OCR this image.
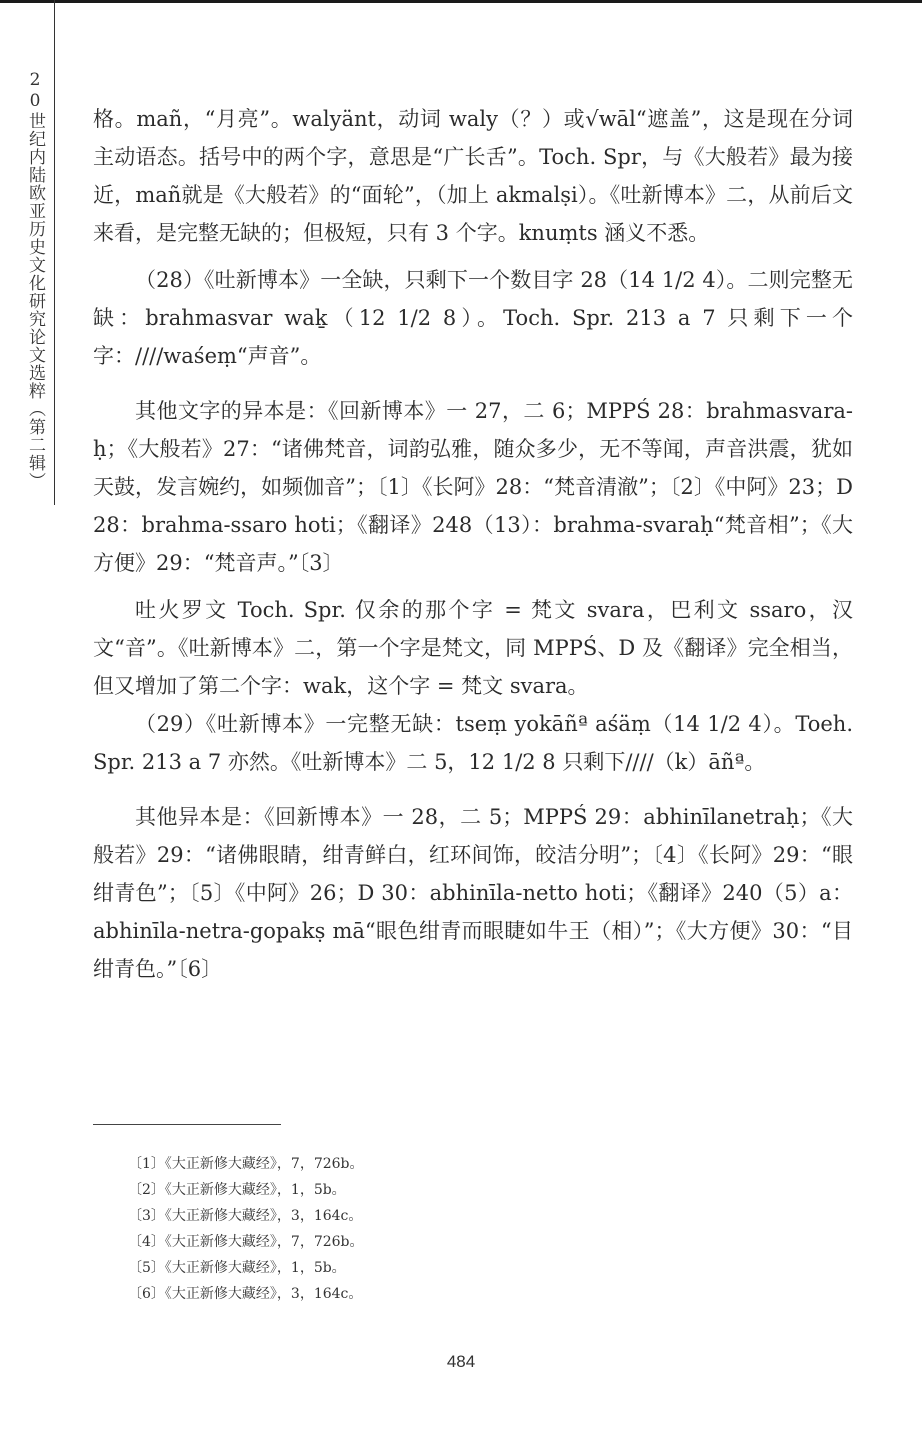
20世纪内陆欧亚历史文化研究论文选粹（第二辑） 格。mañ，“月亮”。walyänt，动词 waly（？）或√wāl“遮盖”，这是现在分词主动语态。括号中的两个字，意思是“广长舌”。Toch. Spr，与《大般若》最为接近，mañ就是《大般若》的“面轮”，（加上 akmalṣi）。《吐新博本》二，从前后文来看，是完整无缺的；但极短，只有 3 个字。knuṃts 涵义不悉。

（28）《吐新博本》一全缺，只剩下一个数目字 28（14 1/2 4）。二则完整无缺：brahmasvar waḵ（12 1/2 8）。Toch. Spr. 213 a 7 只剩下一个字：////waśeṃ“声音”。

其他文字的异本是：《回新博本》一 27，二 6；MPPŚ 28：brahmasvara-ḥ；《大般若》27：“诸佛梵音，词韵弘雅，随众多少，无不等闻，声音洪震，犹如天鼓，发言婉约，如频伽音”；〔1〕《长阿》28：“梵音清澈”；〔2〕《中阿》23；D 28：brahma-ssaro hoti；《翻译》248（13）：brahma-svaraḥ“梵音相”；《大方便》29：“梵音声。”〔3〕

吐火罗文 Toch. Spr. 仅余的那个字 = 梵文 svara，巴利文 ssaro，汉文“音”。《吐新博本》二，第一个字是梵文，同 MPPŚ、D 及《翻译》完全相当，但又增加了第二个字：wak，这个字 = 梵文 svara。

（29）《吐新博本》一完整无缺：tseṃ yokāñª aśäṃ（14 1/2 4）。Toeh. Spr. 213 a 7 亦然。《吐新博本》二 5，12 1/2 8 只剩下////（k）āñª。

其他异本是：《回新博本》一 28，二 5；MPPŚ 29：abhinīlanetraḥ；《大般若》29：“诸佛眼睛，绀青鲜白，红环间饰，皎洁分明”；〔4〕《长阿》29：“眼绀青色”；〔5〕《中阿》26；D 30：abhinīla-netto hoti；《翻译》240（5）a：abhinīla-netra-gopakṣ mā“眼色绀青而眼睫如牛王（相）”；《大方便》30：“目绀青色。”〔6〕

〔1〕《大正新修大藏经》，7，726b。
〔2〕《大正新修大藏经》，1，5b。
〔3〕《大正新修大藏经》，3，164c。
〔4〕《大正新修大藏经》，7，726b。
〔5〕《大正新修大藏经》，1，5b。
〔6〕《大正新修大藏经》，3，164c。
484
